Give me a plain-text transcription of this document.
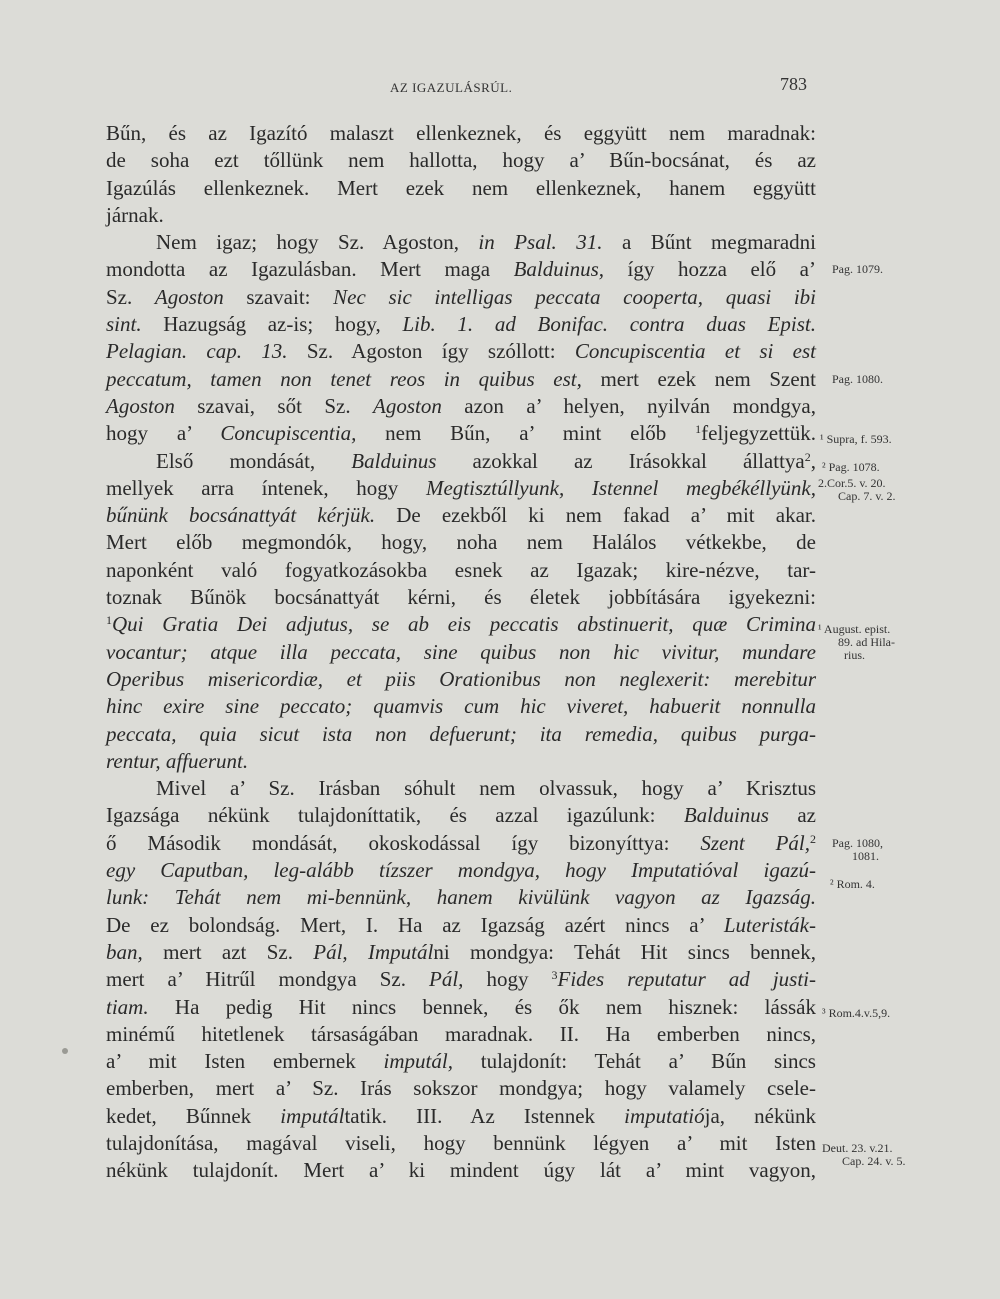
AZ IGAZULÁSRÚL.	783
Bűn, és az Igazító malaszt ellenkeznek, és eggyütt nem maradnak:
de soha ezt tőllünk nem hallotta, hogy a’ Bűn-bocsánat, és az
Igazúlás ellenkeznek. Mert ezek nem ellenkeznek, hanem eggyütt
járnak.
Nem igaz; hogy Sz. Agoston, in Psal. 31. a Bűnt megmaradni
mondotta az Igazulásban. Mert maga Balduinus, így hozza elő a’
Sz. Agoston szavait: Nec sic intelligas peccata cooperta, quasi ibi
sint. Hazugság az-is; hogy, Lib. 1. ad Bonifac. contra duas Epist.
Pelagian. cap. 13. Sz. Agoston így szóllott: Concupiscentia et si est
peccatum, tamen non tenet reos in quibus est, mert ezek nem Szent
Agoston szavai, sőt Sz. Agoston azon a’ helyen, nyilván mondgya,
hogy a’ Concupiscentia, nem Bűn, a’ mint előb $^1$feljegyzettük.
Első mondását, Balduinus azokkal az Irásokkal állattya$^2$,
mellyek arra íntenek, hogy Megtisztúllyunk, Istennel megbékéllyünk,
bűnünk bocsánattyát kérjük. De ezekből ki nem fakad a’ mit akar.
Mert előb megmondók, hogy, noha nem Halálos vétkekbe, de
naponként való fogyatkozásokba esnek az Igazak; kire-nézve, tar-
toznak Bűnök bocsánattyát kérni, és életek jobbítására igyekezni:
$^1$Qui Gratia Dei adjutus, se ab eis peccatis abstinuerit, quæ Crimina
vocantur; atque illa peccata, sine quibus non hic vivitur, mundare
Operibus misericordiæ, et piis Orationibus non neglexerit: merebitur
hinc exire sine peccato; quamvis cum hic viveret, habuerit nonnulla
peccata, quia sicut ista non defuerunt; ita remedia, quibus purga-
rentur, affuerunt.
Mivel a’ Sz. Irásban sóhult nem olvassuk, hogy a’ Krisztus
Igazsága nékünk tulajdoníttatik, és azzal igazúlunk: Balduinus az
ő Második mondását, okoskodással így bizonyíttya: Szent Pál,$^2$
egy Caputban, leg-alább tízszer mondgya, hogy Imputatióval igazú-
lunk: Tehát nem mi-bennünk, hanem kivülünk vagyon az Igazság.
De ez bolondság. Mert, I. Ha az Igazság azért nincs a’ Luteristák-
ban, mert azt Sz. Pál, Imputálni mondgya: Tehát Hit sincs bennek,
mert a’ Hitrűl mondgya Sz. Pál, hogy $^3$Fides reputatur ad justi-
tiam. Ha pedig Hit nincs bennek, és ők nem hisznek: lássák
minémű hitetlenek társaságában maradnak. II. Ha emberben nincs,
a’ mit Isten embernek imputál, tulajdonít: Tehát a’ Bűn sincs
emberben, mert a’ Sz. Irás sokszor mondgya; hogy valamely csele-
kedet, Bűnnek imputáltatik. III. Az Istennek imputatiója, nékünk
tulajdonítása, magával viseli, hogy bennünk légyen a’ mit Isten
nékünk tulajdonít. Mert a’ ki mindent úgy lát a’ mint vagyon,
Pag. 1079.
Pag. 1080.
¹ Supra, f. 593.
² Pag. 1078.
2.Cor.5. v. 20.
Cap. 7. v. 2.
¹ August. epist.
89. ad Hila-
rius.
Pag. 1080,
1081.
² Rom. 4.
³ Rom.4.v.5,9.
Deut. 23. v.21.
Cap. 24. v. 5.
